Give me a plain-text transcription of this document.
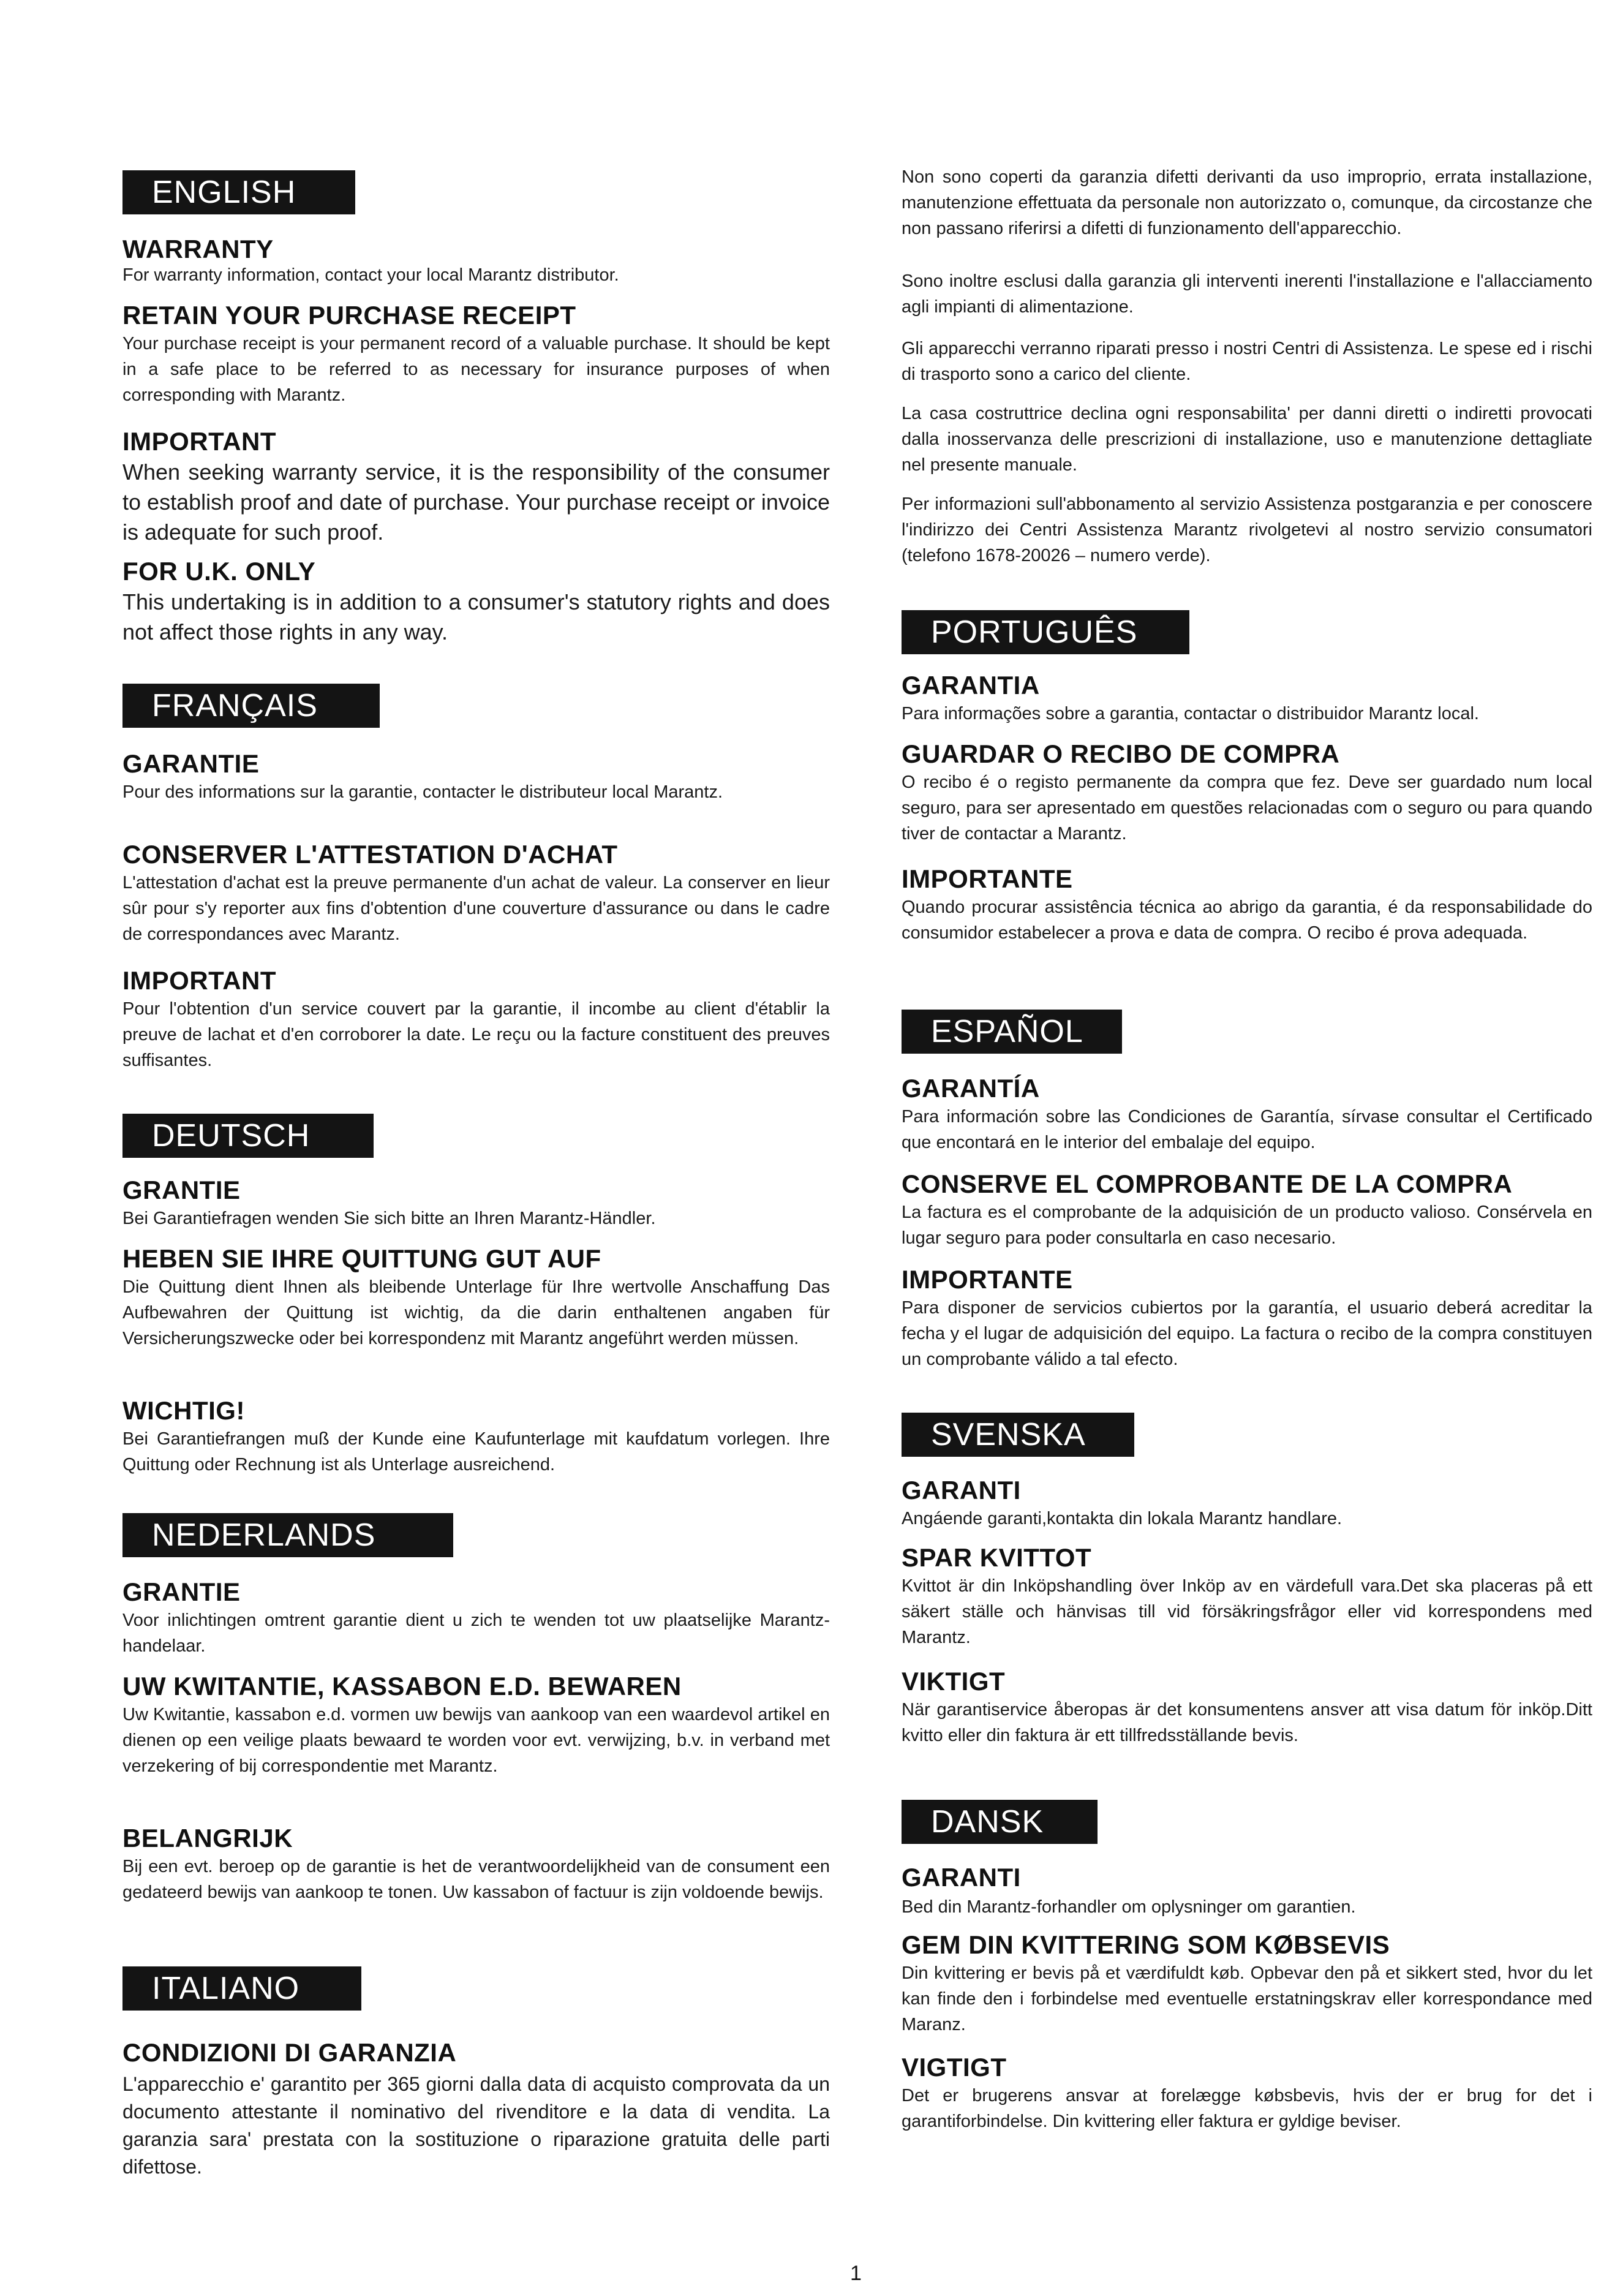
ENGLISH
WARRANTY
For warranty information, contact your local Marantz distributor.
RETAIN YOUR PURCHASE RECEIPT
Your purchase receipt is your permanent record of a valuable purchase. It should be kept in a safe place to be referred to as necessary for insurance purposes of when corresponding with Marantz.
IMPORTANT
When seeking warranty service, it is the responsibility of the consumer to establish proof and date of purchase. Your purchase receipt or invoice is adequate for such proof.
FOR U.K. ONLY
This undertaking is in addition to a consumer's statutory rights and does not affect those rights in any way.
FRANÇAIS
GARANTIE
Pour des informations sur la garantie, contacter le distributeur local Marantz.
CONSERVER L'ATTESTATION D'ACHAT
L'attestation d'achat est la preuve permanente d'un achat de valeur. La conserver en lieur sûr pour s'y reporter aux fins d'obtention d'une couverture d'assurance ou dans le cadre de correspondances avec Marantz.
IMPORTANT
Pour l'obtention d'un service couvert par la garantie, il incombe au client d'établir la preuve de lachat et d'en corroborer la date. Le reçu ou la facture constituent des preuves suffisantes.
DEUTSCH
GRANTIE
Bei Garantiefragen wenden Sie sich bitte an Ihren Marantz-Händler.
HEBEN SIE IHRE QUITTUNG GUT AUF
Die Quittung dient Ihnen als bleibende Unterlage für Ihre wertvolle Anschaffung Das Aufbewahren der Quittung ist wichtig, da die darin enthaltenen angaben für Versicherungszwecke oder bei korrespondenz mit Marantz angeführt werden müssen.
WICHTIG!
Bei Garantiefrangen muß der Kunde eine Kaufunterlage mit kaufdatum vorlegen. Ihre Quittung oder Rechnung ist als Unterlage ausreichend.
NEDERLANDS
GRANTIE
Voor inlichtingen omtrent garantie dient u zich te wenden tot uw plaatselijke Marantz-handelaar.
UW KWITANTIE, KASSABON E.D. BEWAREN
Uw Kwitantie, kassabon e.d. vormen uw bewijs van aankoop van een waardevol artikel en dienen op een veilige plaats bewaard te worden voor evt. verwijzing, b.v. in verband met verzekering of bij correspondentie met Marantz.
BELANGRIJK
Bij een evt. beroep op de garantie is het de verantwoordelijkheid van de consument een gedateerd bewijs van aankoop te tonen. Uw kassabon of factuur is zijn voldoende bewijs.
ITALIANO
CONDIZIONI DI GARANZIA
L'apparecchio e' garantito per 365 giorni dalla data di acquisto comprovata da un documento attestante il nominativo del rivenditore e la data di vendita. La garanzia sara' prestata con la sostituzione o riparazione gratuita delle parti difettose.
Non sono coperti da garanzia difetti derivanti da uso improprio, errata installazione, manutenzione effettuata da personale non autorizzato o, comunque, da circostanze che non passano riferirsi a difetti di funzionamento dell'apparecchio.
Sono inoltre esclusi dalla garanzia gli interventi inerenti l'installazione e l'allacciamento agli impianti di alimentazione.
Gli apparecchi verranno riparati presso i nostri Centri di Assistenza. Le spese ed i rischi di trasporto sono a carico del cliente.
La casa costruttrice declina ogni responsabilita' per danni diretti o indiretti provocati dalla inosservanza delle prescrizioni di installazione, uso e manutenzione dettagliate nel presente manuale.
Per informazioni sull'abbonamento al servizio Assistenza postgaranzia e per conoscere l'indirizzo dei Centri Assistenza Marantz rivolgetevi al nostro servizio consumatori (telefono 1678-20026 – numero verde).
PORTUGUÊS
GARANTIA
Para informações sobre a garantia, contactar o distribuidor Marantz local.
GUARDAR O RECIBO DE COMPRA
O recibo é o registo permanente da compra que fez. Deve ser guardado num local seguro, para ser apresentado em questões relacionadas com o seguro ou para quando tiver de contactar a Marantz.
IMPORTANTE
Quando procurar assistência técnica ao abrigo da garantia, é da responsabilidade do consumidor estabelecer a prova e data de compra. O recibo é prova adequada.
ESPAÑOL
GARANTÍA
Para información sobre las Condiciones de Garantía, sírvase consultar el Certificado que encontará en le interior del embalaje del equipo.
CONSERVE EL COMPROBANTE DE LA COMPRA
La factura es el comprobante de la adquisición de un producto valioso. Consérvela en lugar seguro para poder consultarla en caso necesario.
IMPORTANTE
Para disponer de servicios cubiertos por la garantía, el usuario deberá acreditar la fecha y el lugar de adquisición del equipo. La factura o recibo de la compra constituyen un comprobante válido a tal efecto.
SVENSKA
GARANTI
Angáende garanti,kontakta din lokala Marantz handlare.
SPAR KVITTOT
Kvittot är din Inköpshandling över Inköp av en värdefull vara.Det ska placeras på ett säkert ställe och hänvisas till vid försäkringsfrågor eller vid korrespondens med Marantz.
VIKTIGT
När garantiservice åberopas är det konsumentens ansver att visa datum för inköp.Ditt kvitto eller din faktura är ett tillfredsställande bevis.
DANSK
GARANTI
Bed din Marantz-forhandler om oplysninger om garantien.
GEM DIN KVITTERING SOM KØBSEVIS
Din kvittering er bevis på et værdifuldt køb. Opbevar den på et sikkert sted, hvor du let kan finde den i forbindelse med eventuelle erstatningskrav eller korrespondance med Maranz.
VIGTIGT
Det er brugerens ansvar at forelægge købsbevis, hvis der er brug for det i garantiforbindelse. Din kvittering eller faktura er gyldige beviser.
1
